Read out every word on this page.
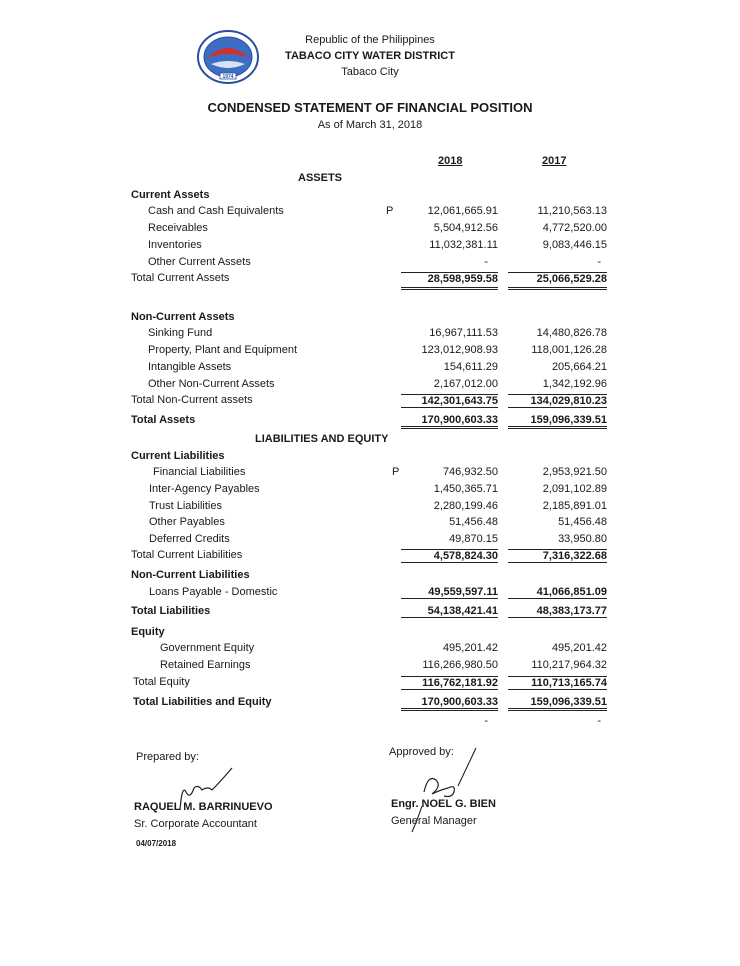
1974
Republic of the Philippines
TABACO CITY WATER DISTRICT
Tabaco City
CONDENSED STATEMENT OF FINANCIAL POSITION
As of March 31, 2018
2018	2017
ASSETS
Current Assets
Cash and Cash Equivalents	P	12,061,665.91	11,210,563.13
Receivables	5,504,912.56	4,772,520.00
Inventories	11,032,381.11	9,083,446.15
Other Current Assets	-	-
Total Current Assets	28,598,959.58	25,066,529.28
Non-Current Assets
Sinking Fund	16,967,111.53	14,480,826.78
Property, Plant and Equipment	123,012,908.93	118,001,126.28
Intangible Assets	154,611.29	205,664.21
Other Non-Current Assets	2,167,012.00	1,342,192.96
Total Non-Current assets	142,301,643.75	134,029,810.23
Total Assets	170,900,603.33	159,096,339.51
LIABILITIES AND EQUITY
Current Liabilities
Financial Liabilities	P	746,932.50	2,953,921.50
Inter-Agency Payables	1,450,365.71	2,091,102.89
Trust Liabilities	2,280,199.46	2,185,891.01
Other Payables	51,456.48	51,456.48
Deferred Credits	49,870.15	33,950.80
Total Current Liabilities	4,578,824.30	7,316,322.68
Non-Current Liabilities
Loans Payable - Domestic	49,559,597.11	41,066,851.09
Total Liabilities	54,138,421.41	48,383,173.77
Equity
Government Equity	495,201.42	495,201.42
Retained Earnings	116,266,980.50	110,217,964.32
Total Equity	116,762,181.92	110,713,165.74
Total Liabilities and Equity	170,900,603.33	159,096,339.51
-	-
Prepared by:
RAQUEL M. BARRINUEVO
Sr. Corporate Accountant
04/07/2018
Approved by:
Engr. NOEL G. BIEN
General Manager
